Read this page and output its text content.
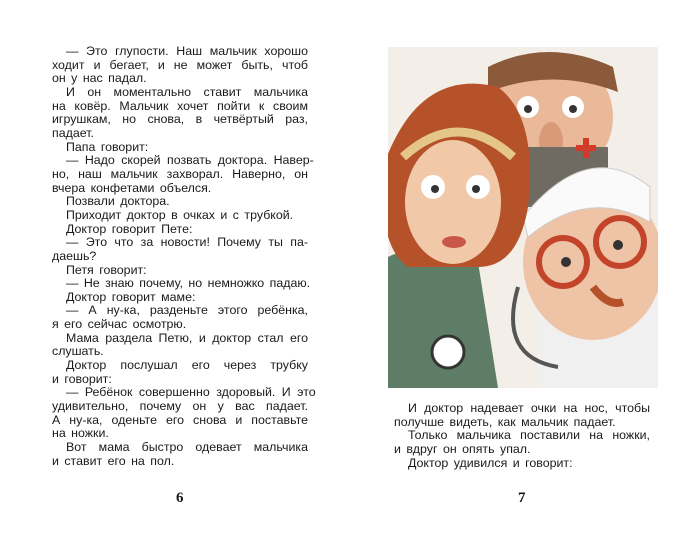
— Это глупости. Наш мальчик хорошо
ходит и бегает, и не может быть, чтоб
он у нас падал.
И он моментально ставит мальчика
на ковёр. Мальчик хочет пойти к своим
игрушкам, но снова, в четвёртый раз,
падает.
Папа говорит:
— Надо скорей позвать доктора. Навер-
но, наш мальчик захворал. Наверно, он
вчера конфетами объелся.
Позвали доктора.
Приходит доктор в очках и с трубкой.
Доктор говорит Пете:
— Это что за новости! Почему ты па-
даешь?
Петя говорит:
— Не знаю почему, но немножко падаю.
Доктор говорит маме:
— А ну-ка, разденьте этого ребёнка,
я его сейчас осмотрю.
Мама раздела Петю, и доктор стал его
слушать.
Доктор послушал его через трубку
и говорит:
— Ребёнок совершенно здоровый. И это
удивительно, почему он у вас падает.
А ну-ка, оденьте его снова и поставьте
на ножки.
Вот мама быстро одевает мальчика
и ставит его на пол.
6	7
И доктор надевает очки на нос, чтобы
получше видеть, как мальчик падает.
Только мальчика поставили на ножки,
и вдруг он опять упал.
Доктор удивился и говорит:
